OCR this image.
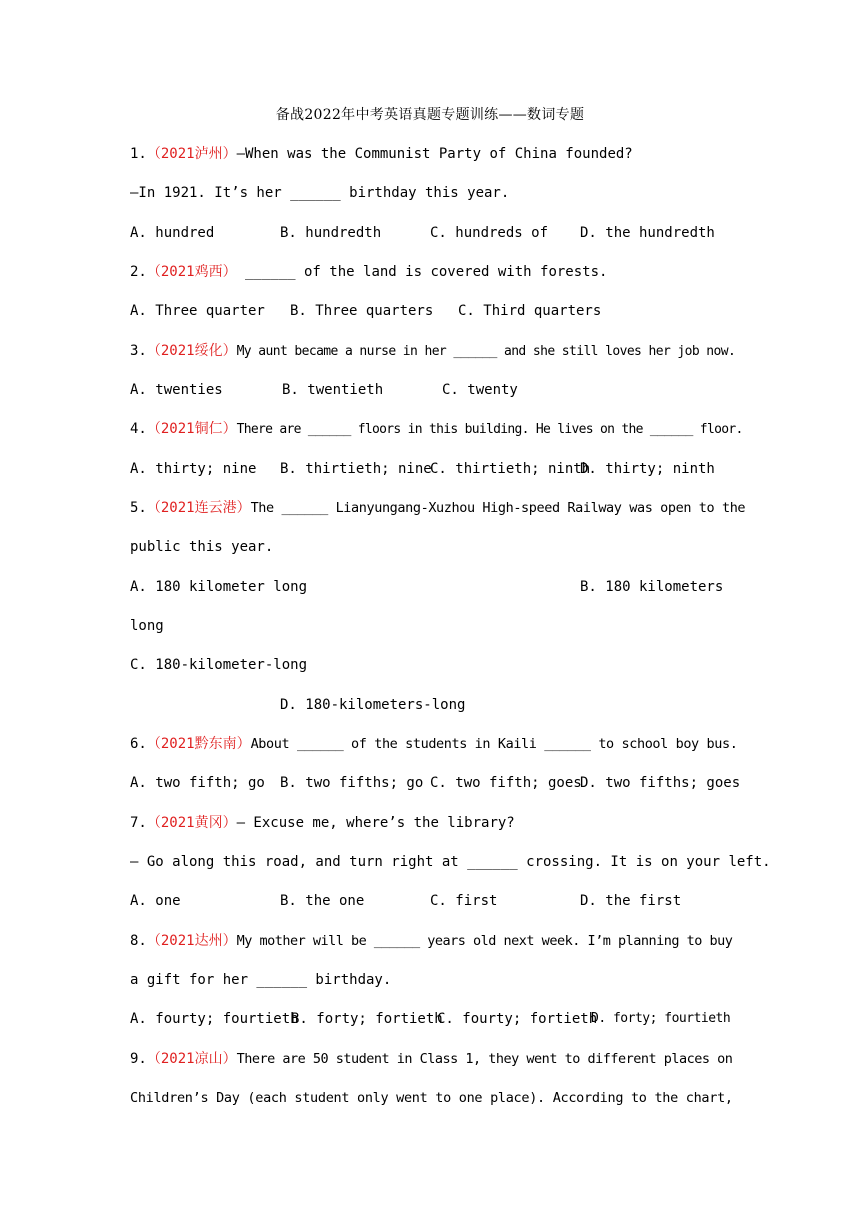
备战2022年中考英语真题专题训练——数词专题
1.（2021泸州）—When was the Communist Party of China founded?
—In 1921. It’s her ______ birthday this year.
A. hundred	B. hundredth	C. hundreds of D. the hundredth
2.（2021鸡西） ______ of the land is covered with forests.
A. Three quarter B. Three quarters C. Third quarters
3.（2021绥化）My aunt became a nurse in her ______ and she still loves her job now.
A. twenties	B. twentieth	C. twenty
4.（2021铜仁）There are ______ floors in this building. He lives on the ______ floor.
A. thirty; nine B. thirtieth; nine
C. thirtieth; ninth
D. thirty; ninth
5.（2021连云港）The ______ Lianyungang-Xuzhou High-speed Railway was open to the
public this year.
A. 180 kilometer long	B. 180 kilometers
long
C. 180-kilometer-long
D. 180-kilometers-long
6.（2021黔东南）About ______ of the students in Kaili ______ to school boy bus.
A. two fifth; go B. two fifths; go C. two fifth; goes
D. two fifths; goes
7.（2021黄冈）— Excuse me, where’s the library?
— Go along this road, and turn right at ______ crossing. It is on your left.
A. one	B. the one	C. first	D. the first
8.（2021达州）My mother will be ______ years old next week. I’m planning to buy
a gift for her ______ birthday.
A. fourty; fourtieth
B. forty; fortieth
C. fourty; fortieth
D. forty; fourtieth
9.（2021凉山）There are 50 student in Class 1, they went to different places on
Children’s Day (each student only went to one place). According to the chart,
